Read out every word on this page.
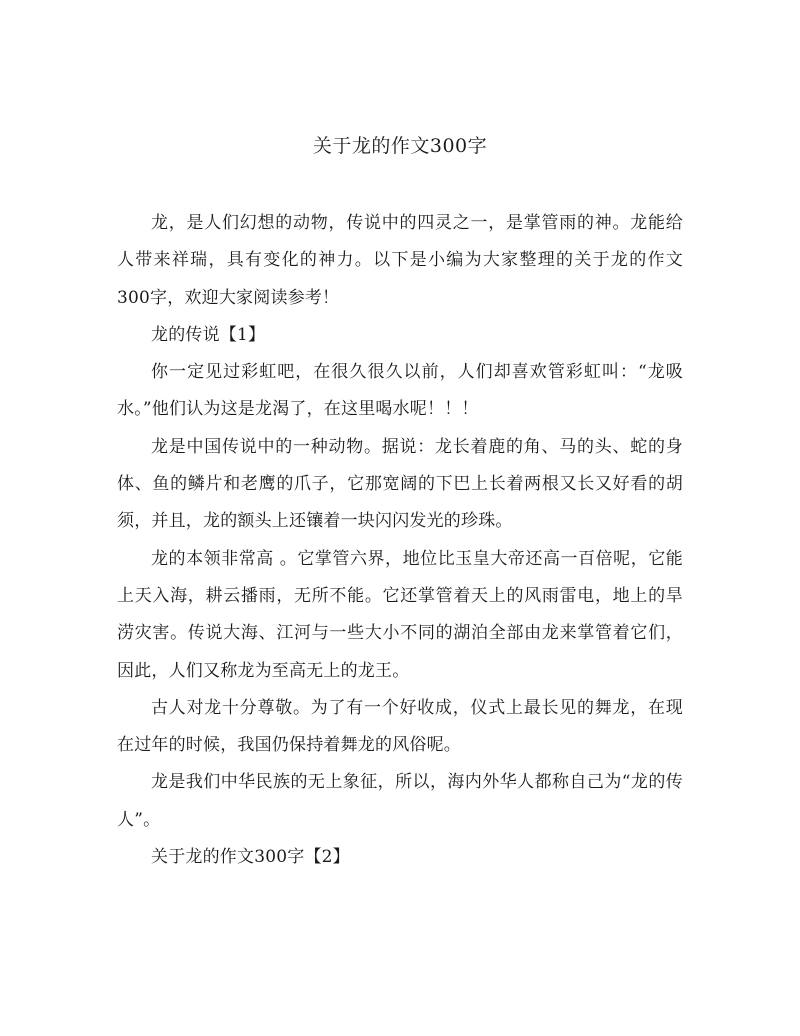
关于龙的作文300字

龙，是人们幻想的动物，传说中的四灵之一，是掌管雨的神。龙能给人带来祥瑞，具有变化的神力。以下是小编为大家整理的关于龙的作文300字，欢迎大家阅读参考！

龙的传说【1】

你一定见过彩虹吧，在很久很久以前，人们却喜欢管彩虹叫：“龙吸水。”他们认为这是龙渴了，在这里喝水呢！！！

龙是中国传说中的一种动物。据说：龙长着鹿的角、马的头、蛇的身体、鱼的鳞片和老鹰的爪子，它那宽阔的下巴上长着两根又长又好看的胡须，并且，龙的额头上还镶着一块闪闪发光的珍珠。

龙的本领非常高 。它掌管六界，地位比玉皇大帝还高一百倍呢，它能上天入海，耕云播雨，无所不能。它还掌管着天上的风雨雷电，地上的旱涝灾害。传说大海、江河与一些大小不同的湖泊全部由龙来掌管着它们，因此，人们又称龙为至高无上的龙王。

古人对龙十分尊敬。为了有一个好收成，仪式上最长见的舞龙，在现在过年的时候，我国仍保持着舞龙的风俗呢。

龙是我们中华民族的无上象征，所以，海内外华人都称自己为“龙的传人”。

关于龙的作文300字【2】
